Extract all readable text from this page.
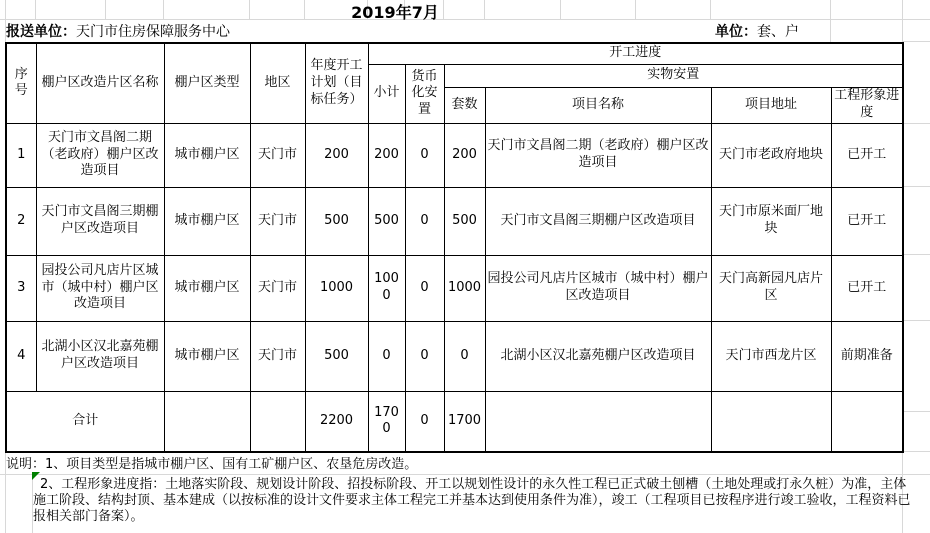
2019年7月
报送单位：天门市住房保障服务中心	单位：套、户
序号	棚户区改造片区名称	棚户区类型	地区	年度开工计划（目标任务）	开工进度					
					小计	货币化安置	实物安置			
							套数	项目名称	项目地址	工程形象进度
1	天门市文昌阁二期（老政府）棚户区改造项目	城市棚户区	天门市	200	200	0	200	天门市文昌阁二期（老政府）棚户区改造项目	天门市老政府地块	已开工
2	天门市文昌阁三期棚户区改造项目	城市棚户区	天门市	500	500	0	500	天门市文昌阁三期棚户区改造项目	天门市原米面厂地块	已开工
3	园投公司凡店片区城市（城中村）棚户区改造项目	城市棚户区	天门市	1000	1000	0	1000	园投公司凡店片区城市（城中村）棚户区改造项目	天门高新园凡店片区	已开工
4	北湖小区汉北嘉苑棚户区改造项目	城市棚户区	天门市	500	0	0	0	北湖小区汉北嘉苑棚户区改造项目	天门市西龙片区	前期准备
合计				2200	1700	0	1700			
说明：1、项目类型是指城市棚户区、国有工矿棚户区、农垦危房改造。
2、工程形象进度指：土地落实阶段、规划设计阶段、招投标阶段、开工以规划性设计的永久性工程已正式破土刨槽（土地处理或打永久桩）为准，主体施工阶段、结构封顶、基本建成（以按标准的设计文件要求主体工程完工并基本达到使用条件为准），竣工（工程项目已按程序进行竣工验收，工程资料已报相关部门备案）。
